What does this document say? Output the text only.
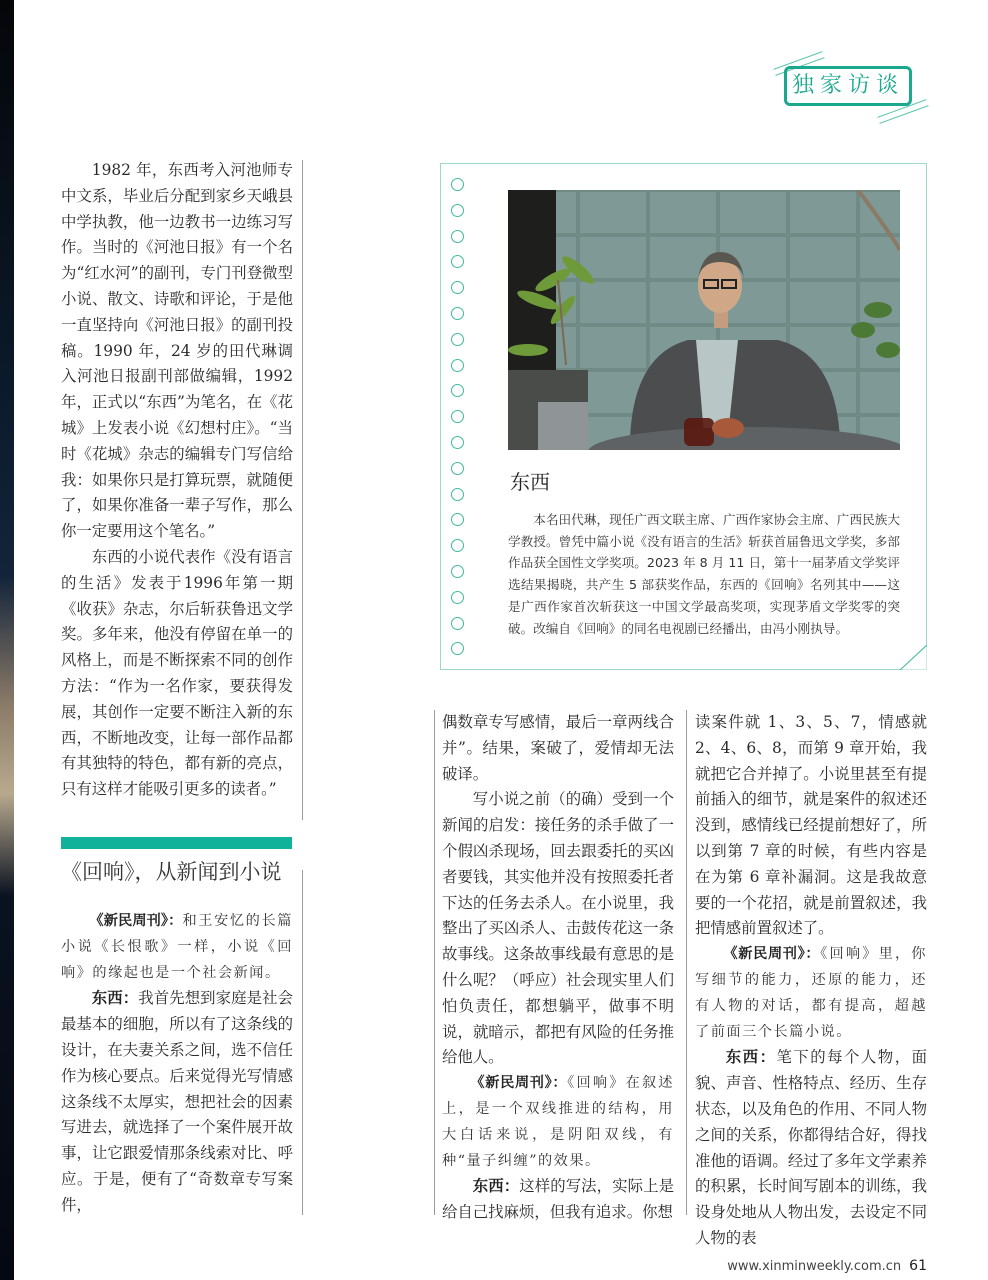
独家访谈

1982 年，东西考入河池师专中文系，毕业后分配到家乡天峨县中学执教，他一边教书一边练习写作。当时的《河池日报》有一个名为“红水河”的副刊，专门刊登微型小说、散文、诗歌和评论，于是他一直坚持向《河池日报》的副刊投稿。1990 年，24 岁的田代琳调入河池日报副刊部做编辑，1992 年，正式以“东西”为笔名，在《花城》上发表小说《幻想村庄》。“当时《花城》杂志的编辑专门写信给我：如果你只是打算玩票，就随便了，如果你准备一辈子写作，那么你一定要用这个笔名。”

东西的小说代表作《没有语言的生活》发表于1996年第一期《收获》杂志，尔后斩获鲁迅文学奖。多年来，他没有停留在单一的风格上，而是不断探索不同的创作方法：“作为一名作家，要获得发展，其创作一定要不断注入新的东西，不断地改变，让每一部作品都有其独特的特色，都有新的亮点，只有这样才能吸引更多的读者。”

《回响》，从新闻到小说

《新民周刊》：和王安忆的长篇小说《长恨歌》一样，小说《回响》的缘起也是一个社会新闻。

东西：我首先想到家庭是社会最基本的细胞，所以有了这条线的设计，在夫妻关系之间，选不信任作为核心要点。后来觉得光写情感这条线不太厚实，想把社会的因素写进去，就选择了一个案件展开故事，让它跟爱情那条线索对比、呼应。于是，便有了“奇数章专写案件，

偶数章专写感情，最后一章两线合并”。结果，案破了，爱情却无法破译。

写小说之前（的确）受到一个新闻的启发：接任务的杀手做了一个假凶杀现场，回去跟委托的买凶者要钱，其实他并没有按照委托者下达的任务去杀人。在小说里，我整出了买凶杀人、击鼓传花这一条故事线。这条故事线最有意思的是什么呢？（呼应）社会现实里人们怕负责任，都想躺平，做事不明说，就暗示，都把有风险的任务推给他人。

《新民周刊》：《回响》在叙述上，是一个双线推进的结构，用大白话来说，是阴阳双线，有种“量子纠缠”的效果。

东西：这样的写法，实际上是给自己找麻烦，但我有追求。你想

读案件就 1、3、5、7，情感就 2、4、6、8，而第 9 章开始，我就把它合并掉了。小说里甚至有提前插入的细节，就是案件的叙述还没到，感情线已经提前想好了，所以到第 7 章的时候，有些内容是在为第 6 章补漏洞。这是我故意要的一个花招，就是前置叙述，我把情感前置叙述了。

《新民周刊》：《回响》里，你写细节的能力，还原的能力，还有人物的对话，都有提高，超越了前面三个长篇小说。

东西：笔下的每个人物，面貌、声音、性格特点、经历、生存状态，以及角色的作用、不同人物之间的关系，你都得结合好，得找准他的语调。经过了多年文学素养的积累，长时间写剧本的训练，我设身处地从人物出发，去设定不同人物的表

www.xinminweekly.com.cn 61
东西

本名田代琳，现任广西文联主席、广西作家协会主席、广西民族大学教授。曾凭中篇小说《没有语言的生活》斩获首届鲁迅文学奖，多部作品获全国性文学奖项。2023 年 8 月 11 日，第十一届茅盾文学奖评选结果揭晓，共产生 5 部获奖作品，东西的《回响》名列其中——这是广西作家首次斩获这一中国文学最高奖项，实现茅盾文学奖零的突破。改编自《回响》的同名电视剧已经播出，由冯小刚执导。
